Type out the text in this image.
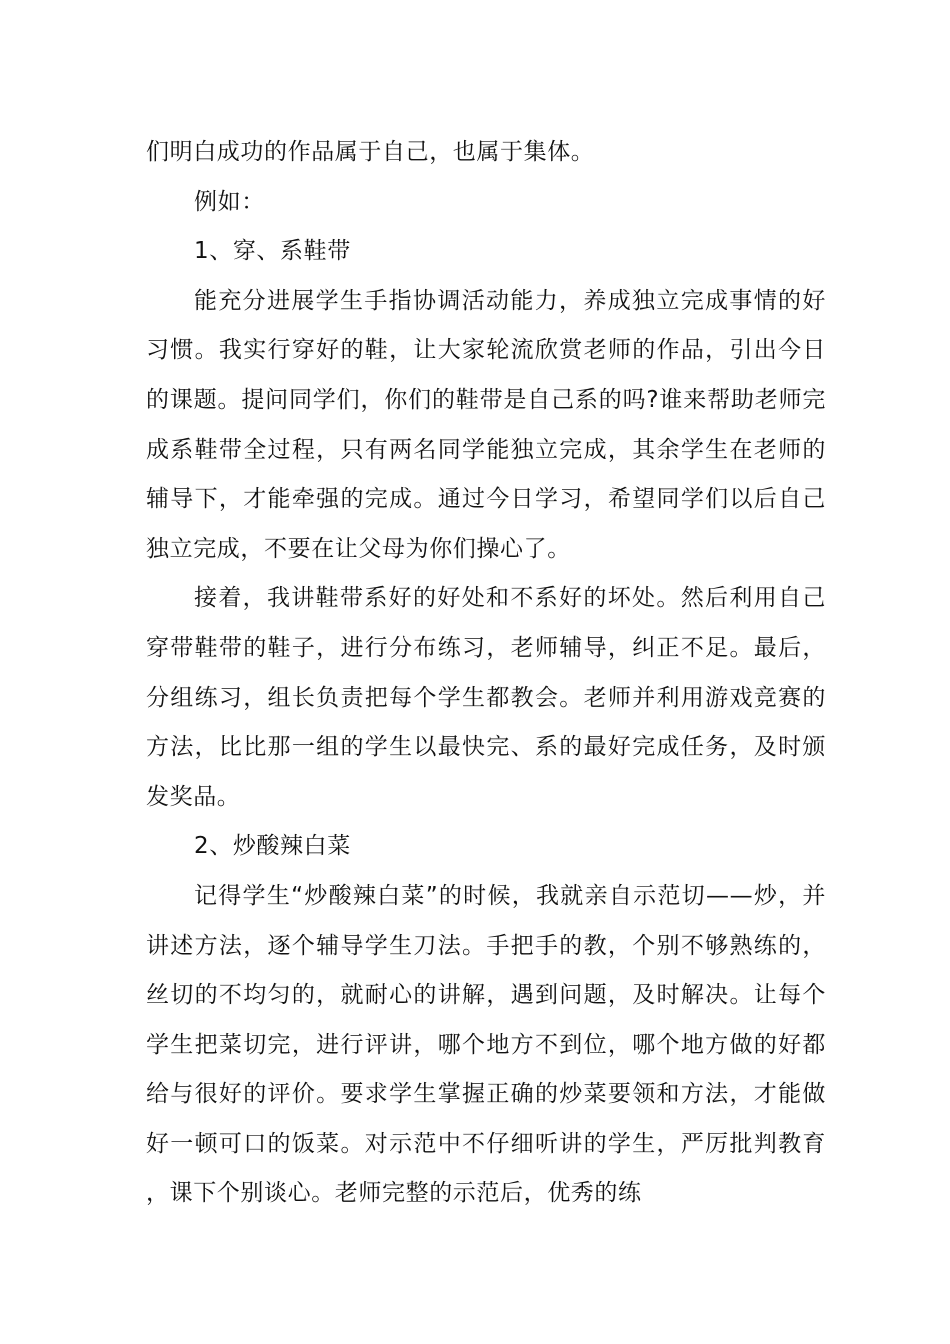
们明白成功的作品属于自己，也属于集体。

例如：

1、穿、系鞋带

能充分进展学生手指协调活动能力，养成独立完成事情的好习惯。我实行穿好的鞋，让大家轮流欣赏老师的作品，引出今日的课题。提问同学们，你们的鞋带是自己系的吗?谁来帮助老师完成系鞋带全过程，只有两名同学能独立完成，其余学生在老师的辅导下，才能牵强的完成。通过今日学习，希望同学们以后自己独立完成，不要在让父母为你们操心了。

接着，我讲鞋带系好的好处和不系好的坏处。然后利用自己穿带鞋带的鞋子，进行分布练习，老师辅导，纠正不足。最后，分组练习，组长负责把每个学生都教会。老师并利用游戏竞赛的方法，比比那一组的学生以最快完、系的最好完成任务，及时颁发奖品。

2、炒酸辣白菜

记得学生“炒酸辣白菜”的时候，我就亲自示范切——炒，并讲述方法，逐个辅导学生刀法。手把手的教，个别不够熟练的，丝切的不均匀的，就耐心的讲解，遇到问题，及时解决。让每个学生把菜切完，进行评讲，哪个地方不到位，哪个地方做的好都给与很好的评价。要求学生掌握正确的炒菜要领和方法，才能做好一顿可口的饭菜。对示范中不仔细听讲的学生，严厉批判教育，课下个别谈心。老师完整的示范后，优秀的练
